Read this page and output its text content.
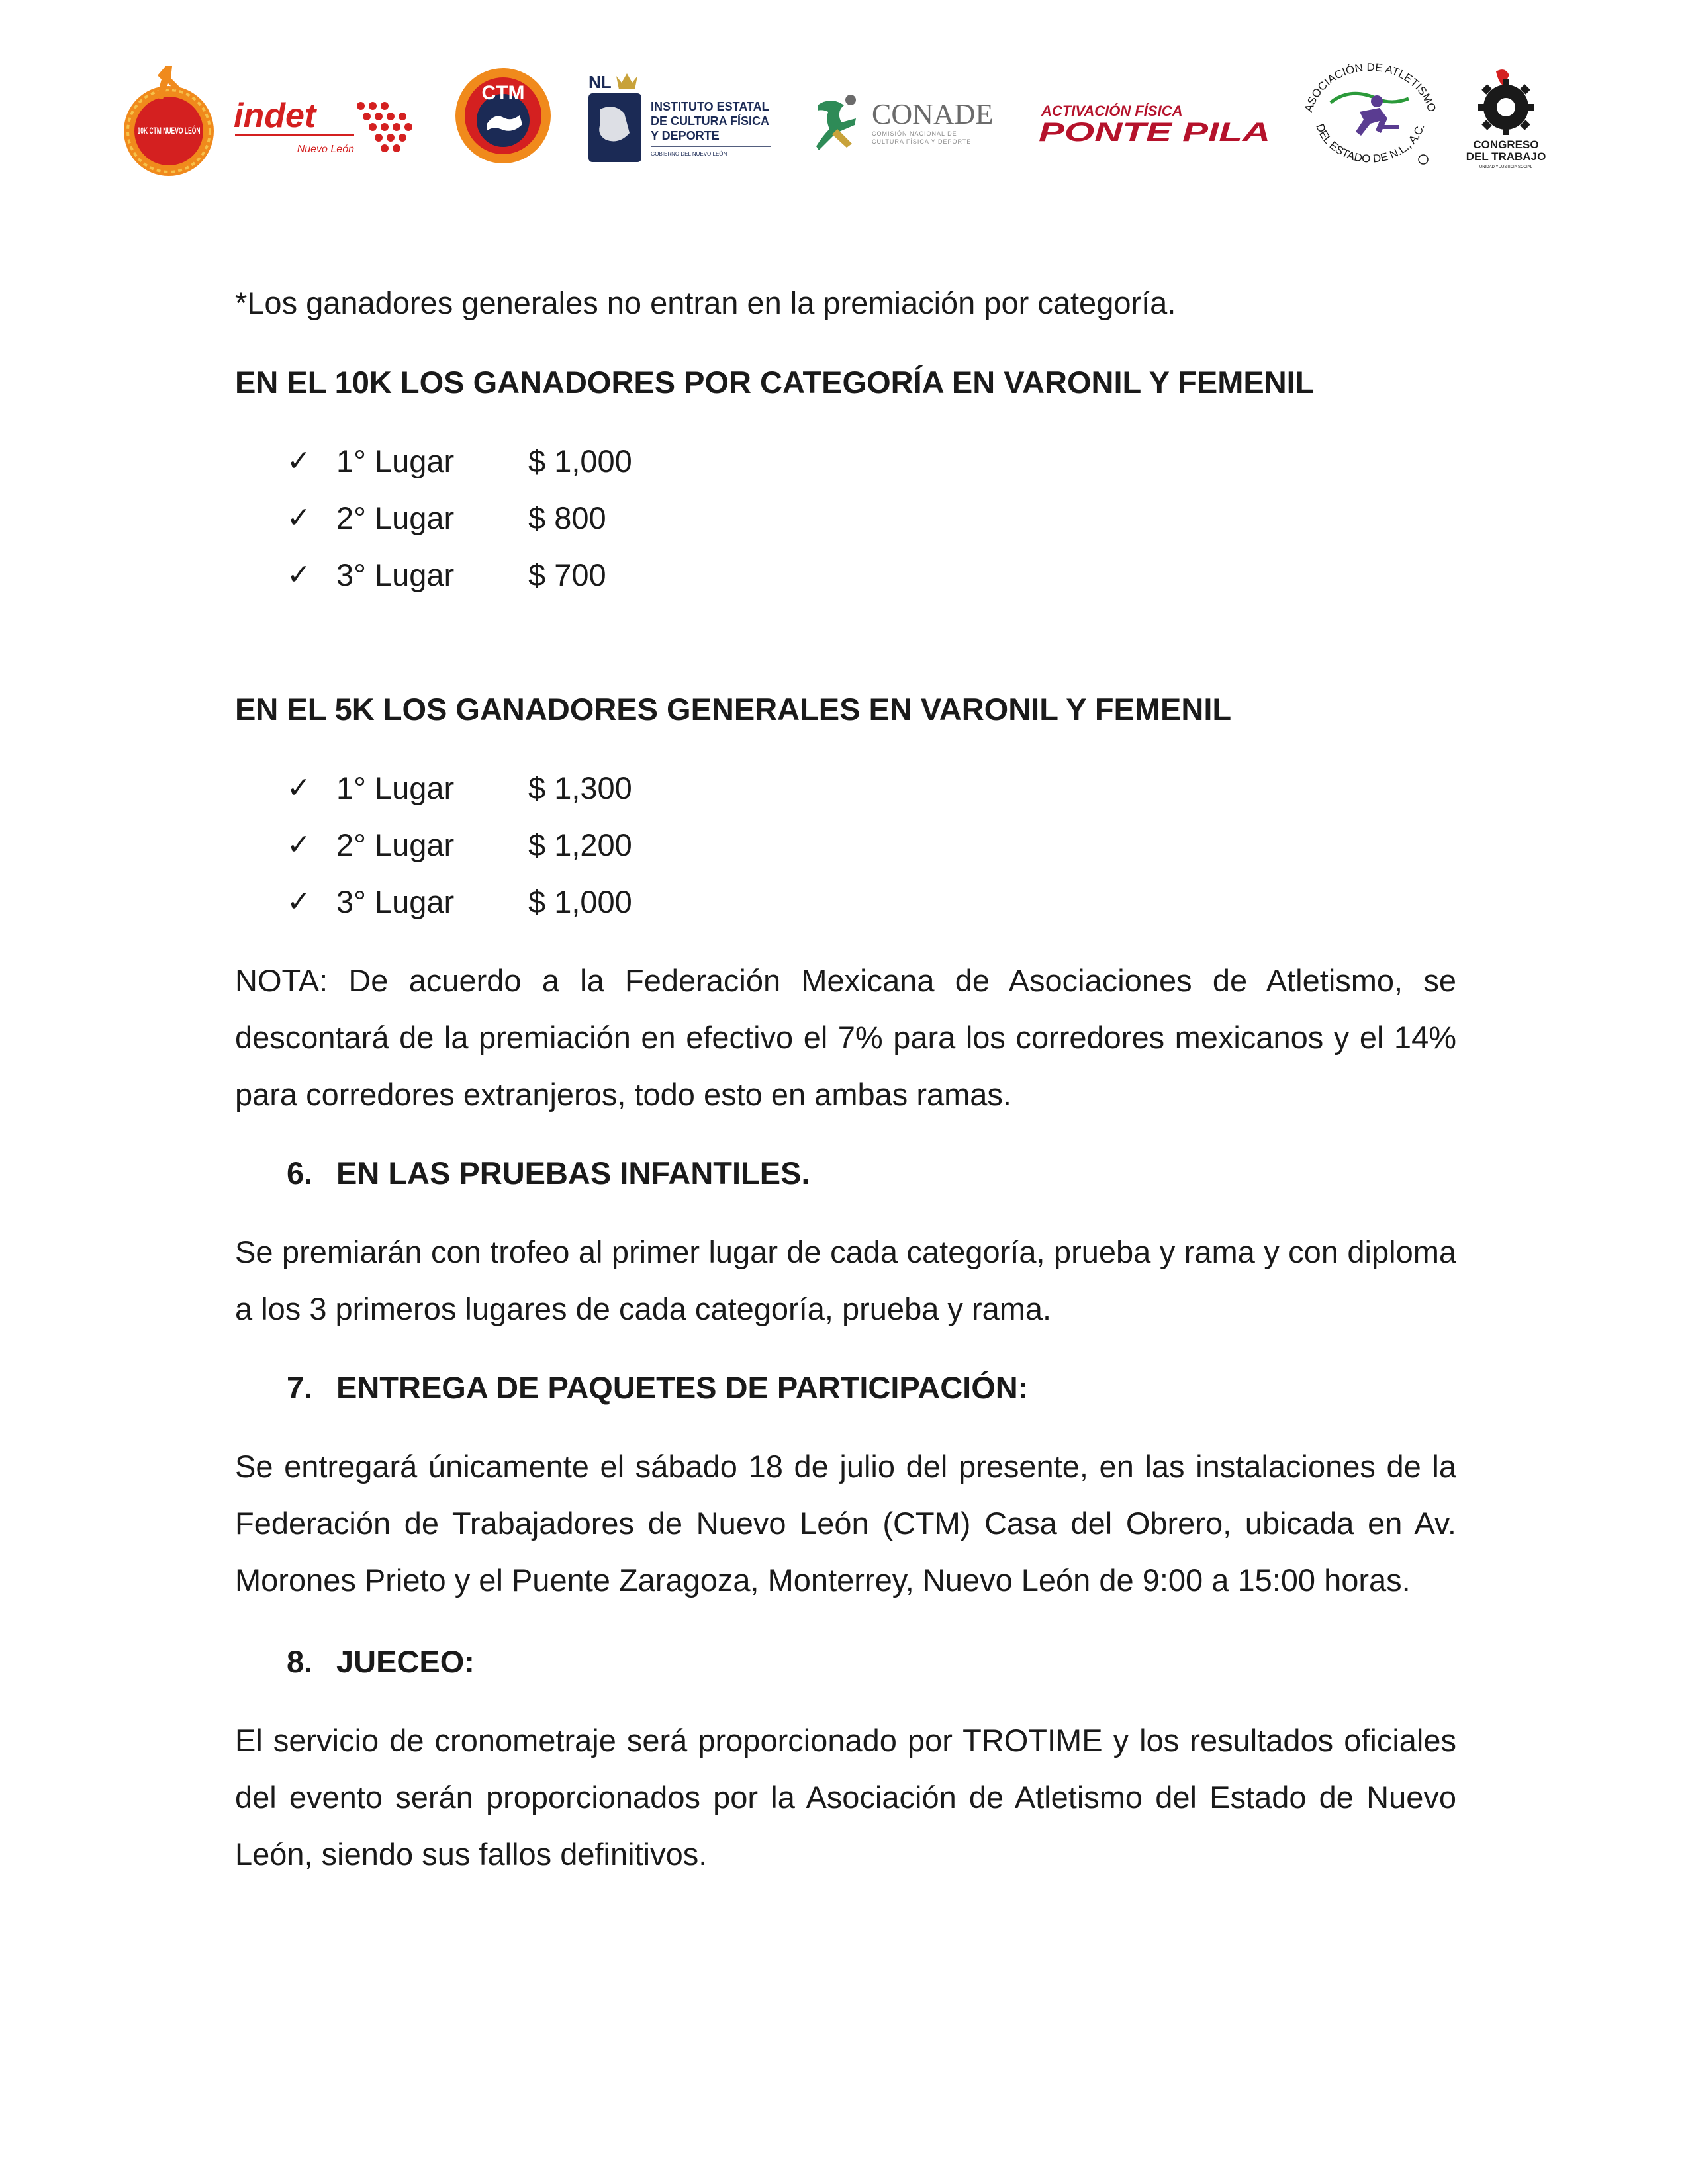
10K CTM NUEVO LEÓN
indet
Nuevo León
CTM	NL
INSTITUTO ESTATAL
DE CULTURA FÍSICA
Y DEPORTE
GOBIERNO DEL NUEVO LEÓN
CONADE
COMISIÓN NACIONAL DE
CULTURA FÍSICA Y DEPORTE
ACTIVACIÓN FÍSICA
PONTE PILA
ASOCIACIÓN DE ATLETISMO
DEL ESTADO DE N.L., A.C.
CONGRESO
DEL TRABAJO
UNIDAD Y JUSTICIA SOCIAL

*Los ganadores generales no entran en la premiación por categoría.

EN EL 10K LOS GANADORES POR CATEGORÍA EN VARONIL Y FEMENIL

✓ 1° Lugar	$ 1,000
✓ 2° Lugar	$ 800
✓ 3° Lugar	$ 700

EN EL 5K LOS GANADORES GENERALES EN VARONIL Y FEMENIL

✓ 1° Lugar	$ 1,300
✓ 2° Lugar	$ 1,200
✓ 3° Lugar	$ 1,000

NOTA: De acuerdo a la Federación Mexicana de Asociaciones de Atletismo, se descontará de la premiación en efectivo el 7% para los corredores mexicanos y el 14% para corredores extranjeros, todo esto en ambas ramas.

6. EN LAS PRUEBAS INFANTILES.

Se premiarán con trofeo al primer lugar de cada categoría, prueba y rama y con diploma a los 3 primeros lugares de cada categoría, prueba y rama.

7. ENTREGA DE PAQUETES DE PARTICIPACIÓN:

Se entregará únicamente el sábado 18 de julio del presente, en las instalaciones de la Federación de Trabajadores de Nuevo León (CTM) Casa del Obrero, ubicada en Av. Morones Prieto y el Puente Zaragoza, Monterrey, Nuevo León de 9:00 a 15:00 horas.

8. JUECEO:

El servicio de cronometraje será proporcionado por TROTIME y los resultados oficiales del evento serán proporcionados por la Asociación de Atletismo del Estado de Nuevo León, siendo sus fallos definitivos.
